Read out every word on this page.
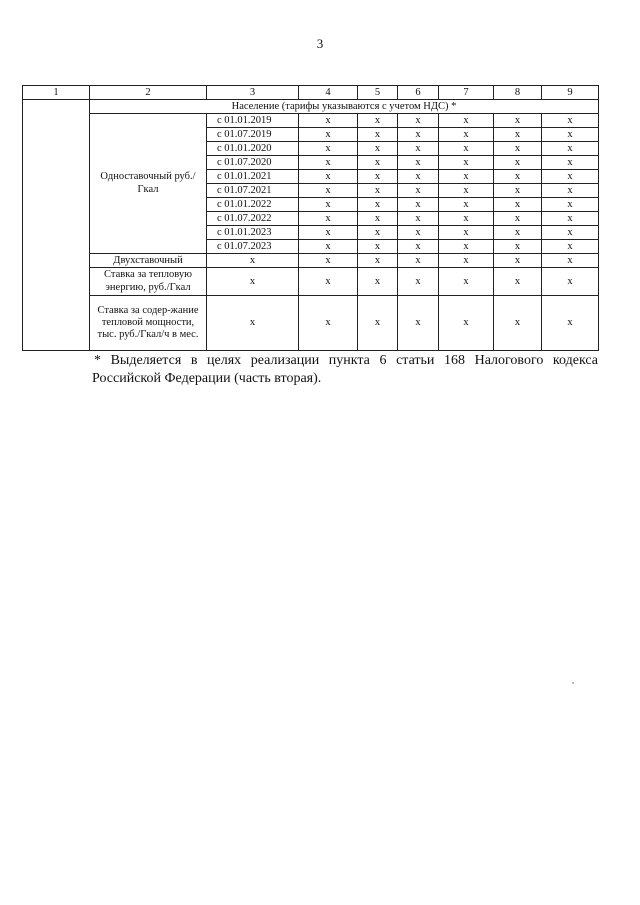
3
1	2	3	4	5	6	7	8	9
	Население (тарифы указываются с учетом НДС) *							
	Одноставочный руб./Гкал	с 01.01.2019	x	x	x	x	x	x
		с 01.07.2019	x	x	x	x	x	x
		с 01.01.2020	x	x	x	x	x	x
		с 01.07.2020	x	x	x	x	x	x
		с 01.01.2021	x	x	x	x	x	x
		с 01.07.2021	x	x	x	x	x	x
		с 01.01.2022	x	x	x	x	x	x
		с 01.07.2022	x	x	x	x	x	x
		с 01.01.2023	x	x	x	x	x	x
		с 01.07.2023	x	x	x	x	x	x
	Двухставочный	x	x	x	x	x	x	x
	Ставка за тепловую энергию, руб./Гкал	x	x	x	x	x	x	x
	Ставка за содер-жание тепловой мощности, тыс. руб./Гкал/ч в мес.	x	x	x	x	x	x	x
* Выделяется в целях реализации пункта 6 статьи 168 Налогового кодекса
Российской Федерации (часть вторая).
